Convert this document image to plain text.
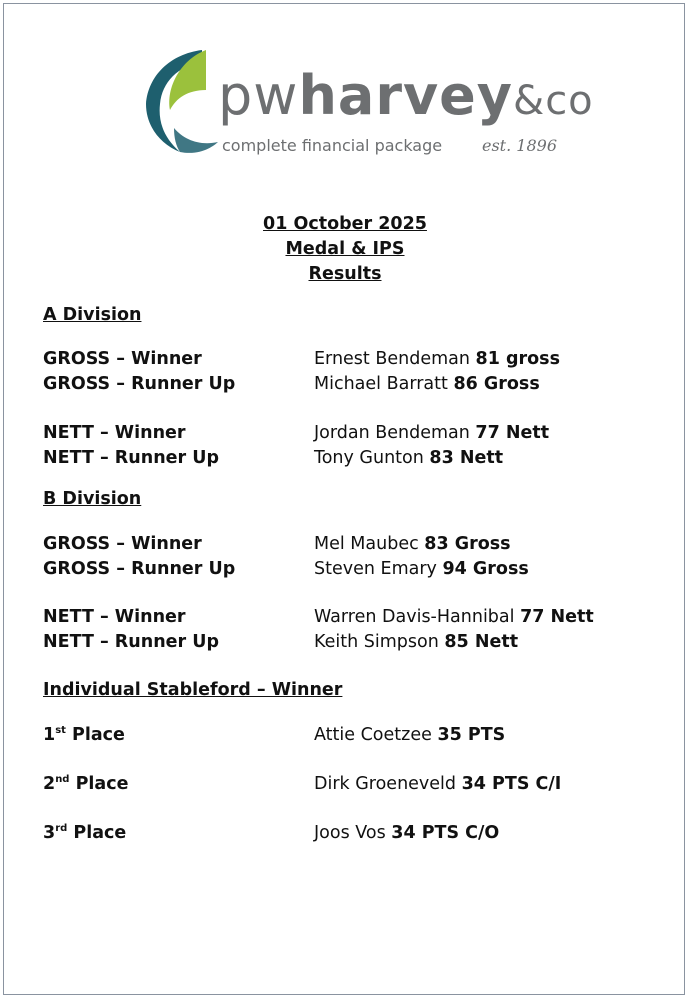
pwharvey&co
complete financial package est. 1896
01 October 2025
Medal & IPS
Results
A Division
GROSS – Winner	Ernest Bendeman 81 gross
GROSS – Runner Up	Michael Barratt 86 Gross
NETT – Winner	Jordan Bendeman 77 Nett
NETT – Runner Up	Tony Gunton 83 Nett
B Division
GROSS – Winner	Mel Maubec 83 Gross
GROSS – Runner Up	Steven Emary 94 Gross
NETT – Winner	Warren Davis-Hannibal 77 Nett
NETT – Runner Up	Keith Simpson 85 Nett
Individual Stableford – Winner
1st Place	Attie Coetzee 35 PTS
2nd Place	Dirk Groeneveld 34 PTS C/I
3rd Place	Joos Vos 34 PTS C/O
